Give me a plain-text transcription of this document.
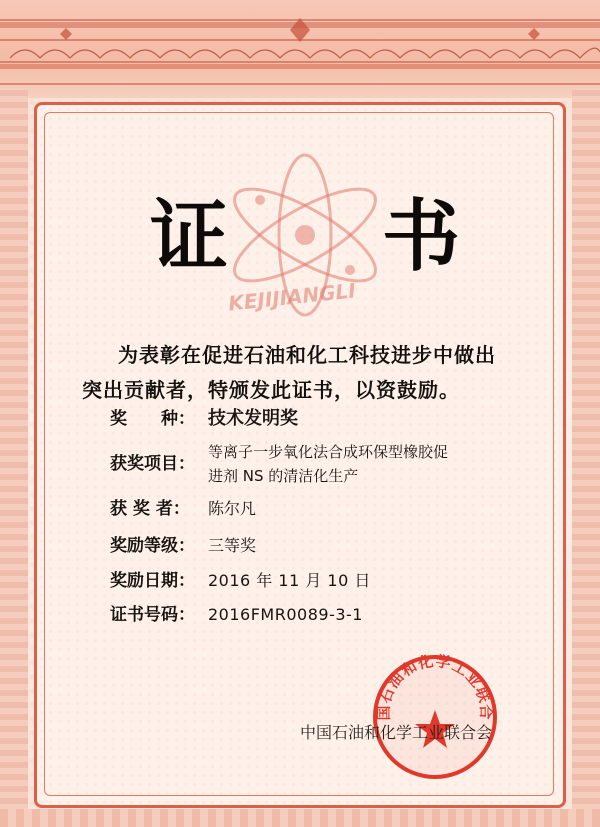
KEJIJIANGLI
证 书
为表彰在促进石油和化工科技进步中做出
突出贡献者，特颁发此证书，以资鼓励。
奖　　种： 技术发明奖
获奖项目：等离子一步氧化法合成环保型橡胶促
进剂 NS 的清洁化生产
获 奖 者： 陈尔凡
奖励等级： 三等奖
奖励日期： 2016 年 11 月 10 日
证书号码： 2016FMR0089-3-1
国石油和化学工业联合
中国石油和化学工业联合会
